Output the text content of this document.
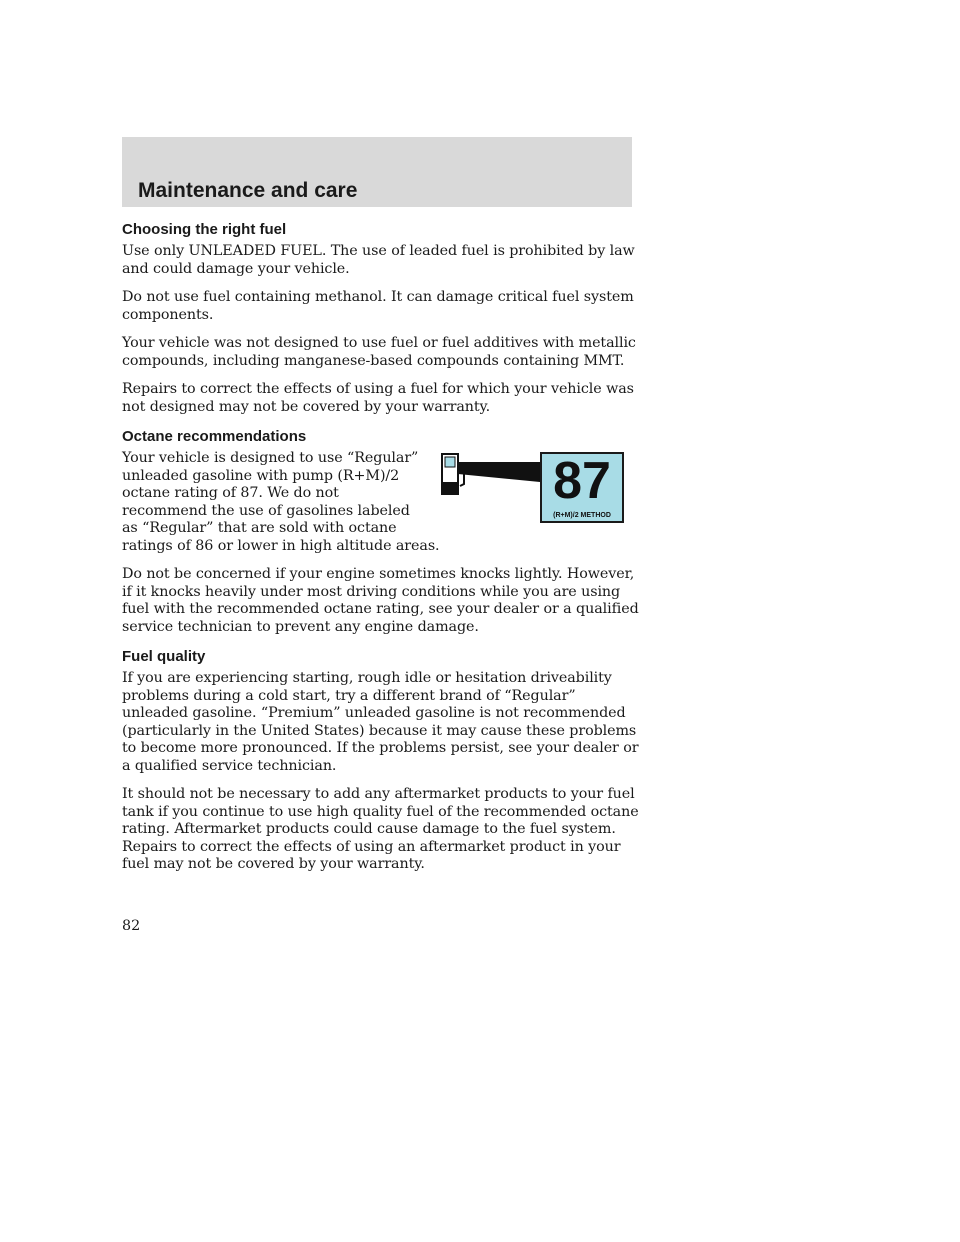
Maintenance and care
Choosing the right fuel

Use only UNLEADED FUEL. The use of leaded fuel is prohibited by law and could damage your vehicle.

Do not use fuel containing methanol. It can damage critical fuel system components.

Your vehicle was not designed to use fuel or fuel additives with metallic compounds, including manganese-based compounds containing MMT.

Repairs to correct the effects of using a fuel for which your vehicle was not designed may not be covered by your warranty.

Octane recommendations
87
(R+M)/2 METHOD

Your vehicle is designed to use “Regular” unleaded gasoline with pump (R+M)/2 octane rating of 87. We do not recommend the use of gasolines labeled as “Regular” that are sold with octane ratings of 86 or lower in high altitude areas.

Do not be concerned if your engine sometimes knocks lightly. However, if it knocks heavily under most driving conditions while you are using fuel with the recommended octane rating, see your dealer or a qualified service technician to prevent any engine damage.

Fuel quality

If you are experiencing starting, rough idle or hesitation driveability problems during a cold start, try a different brand of “Regular” unleaded gasoline. “Premium” unleaded gasoline is not recommended (particularly in the United States) because it may cause these problems to become more pronounced. If the problems persist, see your dealer or a qualified service technician.

It should not be necessary to add any aftermarket products to your fuel tank if you continue to use high quality fuel of the recommended octane rating. Aftermarket products could cause damage to the fuel system. Repairs to correct the effects of using an aftermarket product in your fuel may not be covered by your warranty.

82
